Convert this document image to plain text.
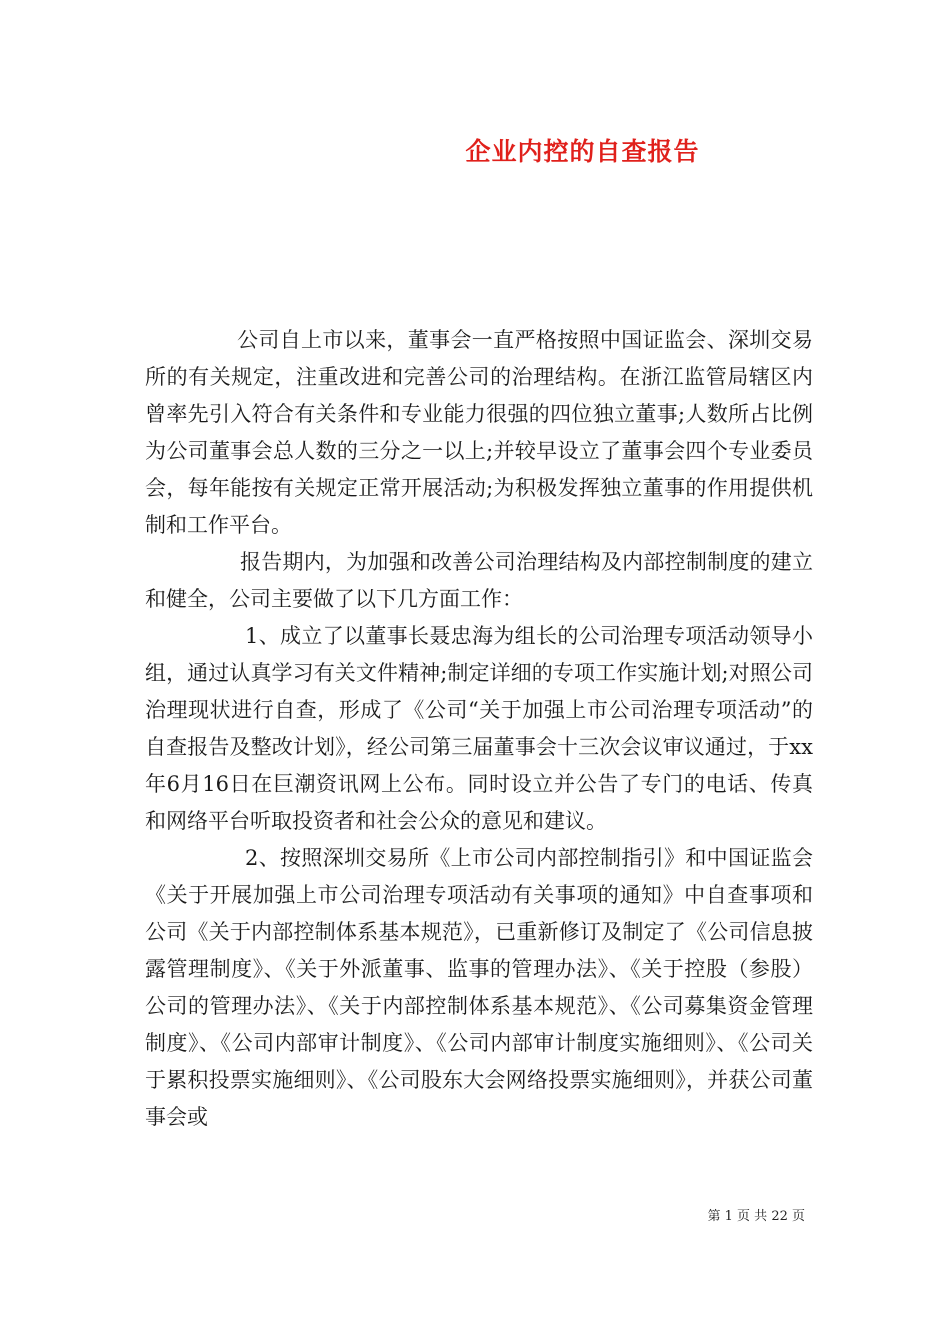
企业内控的自查报告

公司自上市以来，董事会一直严格按照中国证监会、深圳交易所的有关规定，注重改进和完善公司的治理结构。在浙江监管局辖区内曾率先引入符合有关条件和专业能力很强的四位独立董事;人数所占比例为公司董事会总人数的三分之一以上;并较早设立了董事会四个专业委员会，每年能按有关规定正常开展活动;为积极发挥独立董事的作用提供机制和工作平台。

报告期内，为加强和改善公司治理结构及内部控制制度的建立和健全，公司主要做了以下几方面工作：

1、成立了以董事长聂忠海为组长的公司治理专项活动领导小组，通过认真学习有关文件精神;制定详细的专项工作实施计划;对照公司治理现状进行自查，形成了《公司“关于加强上市公司治理专项活动”的自查报告及整改计划》，经公司第三届董事会十三次会议审议通过，于xx年6月16日在巨潮资讯网上公布。同时设立并公告了专门的电话、传真和网络平台听取投资者和社会公众的意见和建议。

2、按照深圳交易所《上市公司内部控制指引》和中国证监会《关于开展加强上市公司治理专项活动有关事项的通知》中自查事项和公司《关于内部控制体系基本规范》，已重新修订及制定了《公司信息披露管理制度》、《关于外派董事、监事的管理办法》、《关于控股（参股）公司的管理办法》、《关于内部控制体系基本规范》、《公司募集资金管理制度》、《公司内部审计制度》、《公司内部审计制度实施细则》、《公司关于累积投票实施细则》、《公司股东大会网络投票实施细则》，并获公司董事会或

第 1 页 共 22 页
